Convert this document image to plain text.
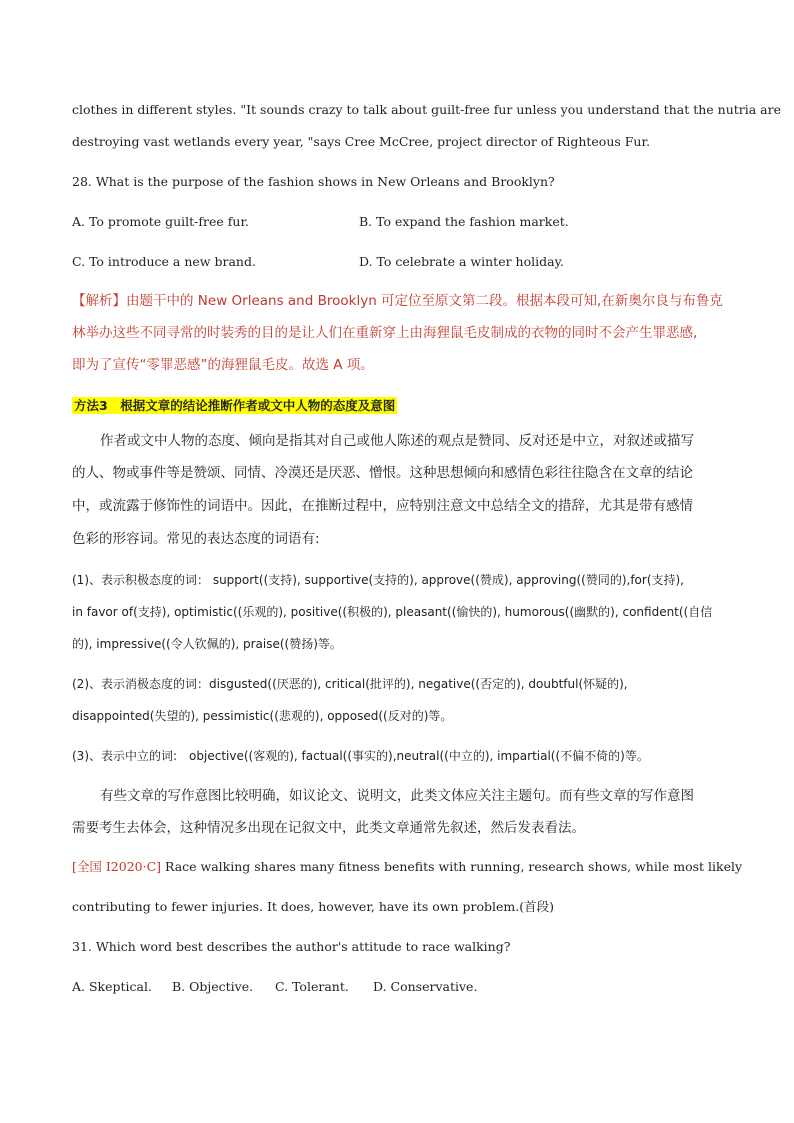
clothes in different styles. "It sounds crazy to talk about guilt-free fur unless you understand that the nutria are
destroying vast wetlands every year, "says Cree McCree, project director of Righteous Fur.
28. What is the purpose of the fashion shows in New Orleans and Brooklyn?
A. To promote guilt-free fur.	B. To expand the fashion market.
C. To introduce a new brand.	D. To celebrate a winter holiday.
【解析】由题干中的 New Orleans and Brooklyn 可定位至原文第二段。根据本段可知,在新奥尔良与布鲁克
林举办这些不同寻常的时装秀的目的是让人们在重新穿上由海狸鼠毛皮制成的衣物的同时不会产生罪恶感,
即为了宣传“零罪恶感”的海狸鼠毛皮。故选 A 项。
方法3　根据文章的结论推断作者或文中人物的态度及意图
作者或文中人物的态度、倾向是指其对自己或他人陈述的观点是赞同、反对还是中立，对叙述或描写
的人、物或事件等是赞颂、同情、冷漠还是厌恶、憎恨。这种思想倾向和感情色彩往往隐含在文章的结论
中，或流露于修饰性的词语中。因此，在推断过程中，应特别注意文中总结全文的措辞，尤其是带有感情
色彩的形容词。常见的表达态度的词语有:
(1)、表示积极态度的词： support((支持), supportive(支持的), approve((赞成), approving((赞同的),for(支持),
in favor of(支持), optimistic((乐观的), positive((积极的), pleasant((愉快的), humorous((幽默的), confident((自信
的), impressive((令人钦佩的), praise((赞扬)等。
(2)、表示消极态度的词：disgusted((厌恶的), critical(批评的), negative((否定的), doubtful(怀疑的),
disappointed(失望的), pessimistic((悲观的), opposed((反对的)等。
(3)、表示中立的词:　objective((客观的), factual((事实的),neutral((中立的), impartial((不偏不倚的)等。
有些文章的写作意图比较明确，如议论文、说明文，此类文体应关注主题句。而有些文章的写作意图
需要考生去体会，这种情况多出现在记叙文中，此类文章通常先叙述，然后发表看法。
[全国 I2020·C] Race walking shares many fitness benefits with running, research shows, while most likely
contributing to fewer injuries. It does, however, have its own problem.(首段)
31. Which word best describes the author's attitude to race walking?
A. Skeptical. B. Objective. C. Tolerant. D. Conservative.
